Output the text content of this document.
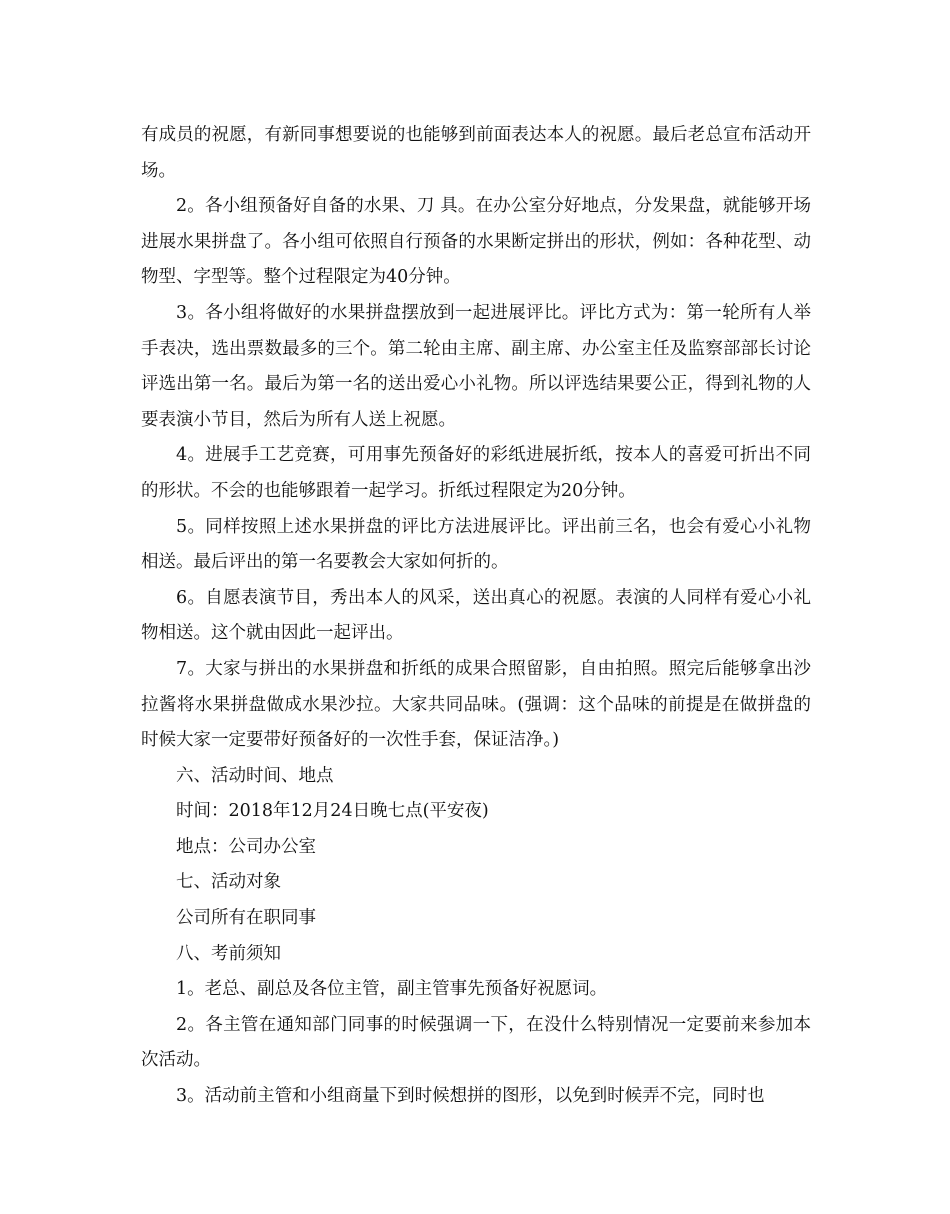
有成员的祝愿，有新同事想要说的也能够到前面表达本人的祝愿。最后老总宣布活动开场。

2。各小组预备好自备的水果、刀 具。在办公室分好地点，分发果盘，就能够开场进展水果拼盘了。各小组可依照自行预备的水果断定拼出的形状，例如：各种花型、动物型、字型等。整个过程限定为40分钟。

3。各小组将做好的水果拼盘摆放到一起进展评比。评比方式为：第一轮所有人举手表决，选出票数最多的三个。第二轮由主席、副主席、办公室主任及监察部部长讨论评选出第一名。最后为第一名的送出爱心小礼物。所以评选结果要公正，得到礼物的人要表演小节目，然后为所有人送上祝愿。

4。进展手工艺竞赛，可用事先预备好的彩纸进展折纸，按本人的喜爱可折出不同的形状。不会的也能够跟着一起学习。折纸过程限定为20分钟。

5。同样按照上述水果拼盘的评比方法进展评比。评出前三名，也会有爱心小礼物相送。最后评出的第一名要教会大家如何折的。

6。自愿表演节目，秀出本人的风采，送出真心的祝愿。表演的人同样有爱心小礼物相送。这个就由因此一起评出。

7。大家与拼出的水果拼盘和折纸的成果合照留影，自由拍照。照完后能够拿出沙拉酱将水果拼盘做成水果沙拉。大家共同品味。(强调：这个品味的前提是在做拼盘的时候大家一定要带好预备好的一次性手套，保证洁净。)

六、活动时间、地点

时间：2018年12月24日晚七点(平安夜)

地点：公司办公室

七、活动对象

公司所有在职同事

八、考前须知

1。老总、副总及各位主管，副主管事先预备好祝愿词。

2。各主管在通知部门同事的时候强调一下，在没什么特别情况一定要前来参加本次活动。

3。活动前主管和小组商量下到时候想拼的图形，以免到时候弄不完，同时也
